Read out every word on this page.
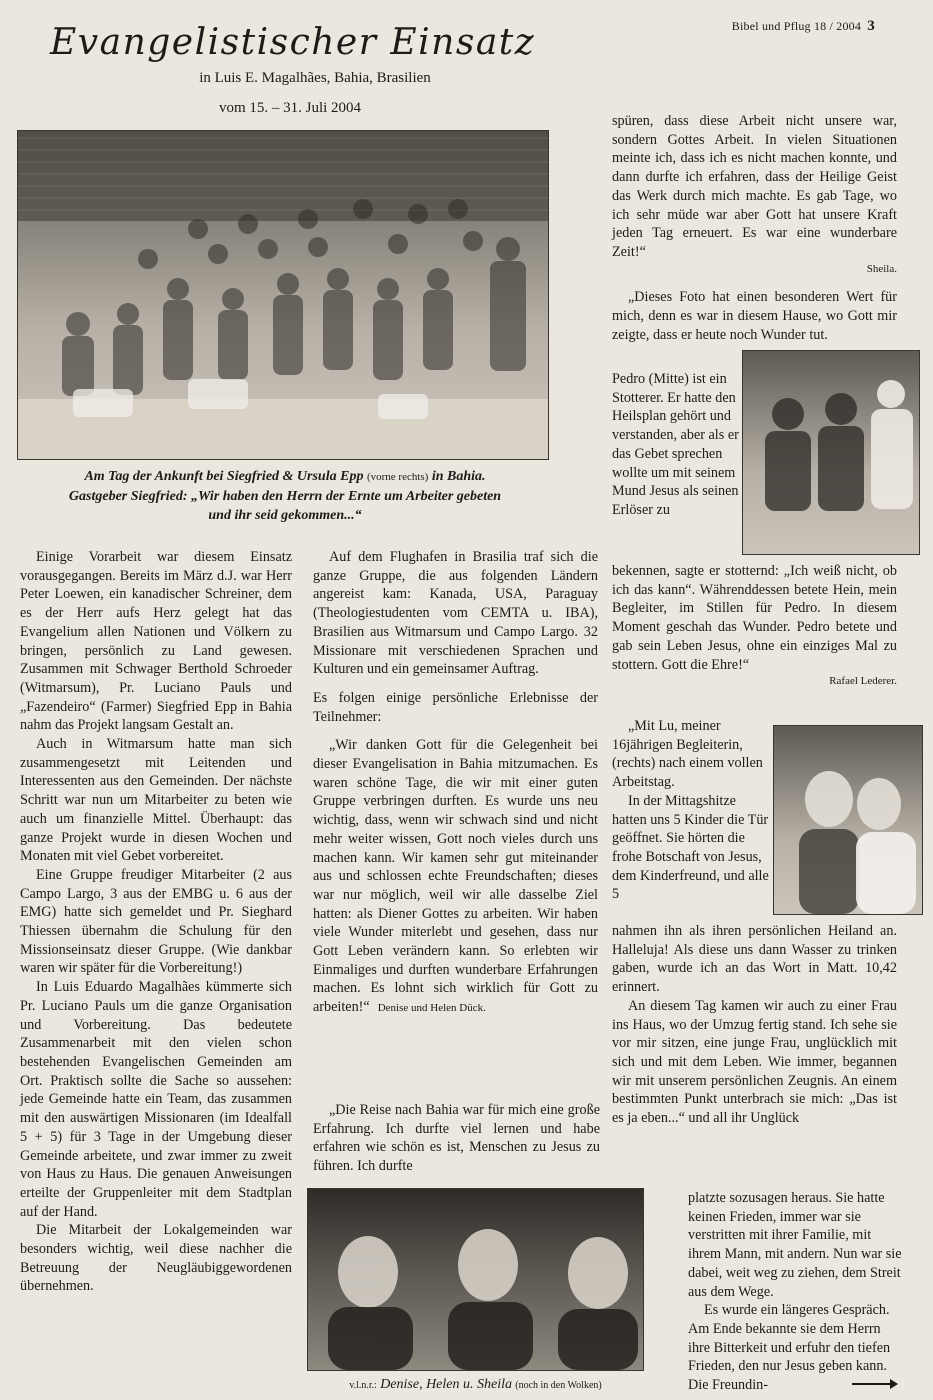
Bibel und Pflug 18 / 2004 3
Evangelistischer Einsatz
in Luis E. Magalhães, Bahia, Brasilien
vom 15. – 31. Juli 2004
Am Tag der Ankunft bei Siegfried & Ursula Epp (vorne rechts) in Bahia.
Gastgeber Siegfried: „Wir haben den Herrn der Ernte um Arbeiter gebeten
und ihr seid gekommen...“

Einige Vorarbeit war diesem Einsatz vorausgegangen. Bereits im März d.J. war Herr Peter Loewen, ein kanadischer Schreiner, dem es der Herr aufs Herz gelegt hat das Evangelium allen Nationen und Völkern zu bringen, persönlich zu Land gewesen. Zusammen mit Schwager Berthold Schroeder (Witmarsum), Pr. Luciano Pauls und „Fazendeiro“ (Farmer) Siegfried Epp in Bahia nahm das Projekt langsam Gestalt an.

Auch in Witmarsum hatte man sich zusammengesetzt mit Leitenden und Interessenten aus den Gemeinden. Der nächste Schritt war nun um Mitarbeiter zu beten wie auch um finanzielle Mittel. Überhaupt: das ganze Projekt wurde in diesen Wochen und Monaten mit viel Gebet vorbereitet.

Eine Gruppe freudiger Mitarbeiter (2 aus Campo Largo, 3 aus der EMBG u. 6 aus der EMG) hatte sich gemeldet und Pr. Sieghard Thiessen übernahm die Schulung für den Missionseinsatz dieser Gruppe. (Wie dankbar waren wir später für die Vorbereitung!)

In Luis Eduardo Magalhães kümmerte sich Pr. Luciano Pauls um die ganze Organisation und Vorbereitung. Das bedeutete Zusammenarbeit mit den vielen schon bestehenden Evangelischen Gemeinden am Ort. Praktisch sollte die Sache so aussehen: jede Gemeinde hatte ein Team, das zusammen mit den auswärtigen Missionaren (im Idealfall 5 + 5) für 3 Tage in der Umgebung dieser Gemeinde arbeitete, und zwar immer zu zweit von Haus zu Haus. Die genauen Anweisungen erteilte der Gruppenleiter mit dem Stadtplan auf der Hand.

Die Mitarbeit der Lokalgemeinden war besonders wichtig, weil diese nachher die Betreuung der Neugläubiggewordenen übernehmen.

Auf dem Flughafen in Brasilia traf sich die ganze Gruppe, die aus folgenden Ländern angereist kam: Kanada, USA, Paraguay (Theologiestudenten vom CEMTA u. IBA), Brasilien aus Witmarsum und Campo Largo. 32 Missionare mit verschiedenen Sprachen und Kulturen und ein gemeinsamer Auftrag.

Es folgen einige persönliche Erlebnisse der Teilnehmer:

„Wir danken Gott für die Gelegenheit bei dieser Evangelisation in Bahia mitzumachen. Es waren schöne Tage, die wir mit einer guten Gruppe verbringen durften. Es wurde uns neu wichtig, dass, wenn wir schwach sind und nicht mehr weiter wissen, Gott noch vieles durch uns machen kann. Wir kamen sehr gut miteinander aus und schlossen echte Freundschaften; dieses war nur möglich, weil wir alle dasselbe Ziel hatten: als Diener Gottes zu arbeiten. Wir haben viele Wunder miterlebt und gesehen, dass nur Gott Leben verändern kann. So erlebten wir Einmaliges und durften wunderbare Erfahrungen machen. Es lohnt sich wirklich für Gott zu arbeiten!“ Denise und Helen Dück.

„Die Reise nach Bahia war für mich eine große Erfahrung. Ich durfte viel lernen und habe erfahren wie schön es ist, Menschen zu Jesus zu führen. Ich durfte

v.l.n.r.: Denise, Helen u. Sheila (noch in den Wolken)

spüren, dass diese Arbeit nicht unsere war, sondern Gottes Arbeit. In vielen Situationen meinte ich, dass ich es nicht machen konnte, und dann durfte ich erfahren, dass der Heilige Geist das Werk durch mich machte. Es gab Tage, wo ich sehr müde war aber Gott hat unsere Kraft jeden Tag erneuert. Es war eine wunderbare Zeit!“

Sheila.

„Dieses Foto hat einen besonderen Wert für mich, denn es war in diesem Hause, wo Gott mir zeigte, dass er heute noch Wunder tut.

Pedro (Mitte) ist ein Stotterer. Er hatte den Heilsplan gehört und verstanden, aber als er das Gebet sprechen wollte um mit seinem Mund Jesus als seinen Erlöser zu

bekennen, sagte er stotternd: „Ich weiß nicht, ob ich das kann“. Währenddessen betete Hein, mein Begleiter, im Stillen für Pedro. In diesem Moment geschah das Wunder. Pedro betete und gab sein Leben Jesus, ohne ein einziges Mal zu stottern. Gott die Ehre!“

Rafael Lederer.

„Mit Lu, meiner 16jährigen Begleiterin, (rechts) nach einem vollen Arbeitstag.

In der Mittagshitze hatten uns 5 Kinder die Tür geöffnet. Sie hörten die frohe Botschaft von Jesus, dem Kinderfreund, und alle 5

nahmen ihn als ihren persönlichen Heiland an. Halleluja! Als diese uns dann Wasser zu trinken gaben, wurde ich an das Wort in Matt. 10,42 erinnert.

An diesem Tag kamen wir auch zu einer Frau ins Haus, wo der Umzug fertig stand. Ich sehe sie vor mir sitzen, eine junge Frau, unglücklich mit sich und mit dem Leben. Wie immer, begannen wir mit unserem persönlichen Zeugnis. An einem bestimmten Punkt unterbrach sie mich: „Das ist es ja eben...“ und all ihr Unglück

platzte sozusagen heraus. Sie hatte keinen Frieden, immer war sie verstritten mit ihrer Familie, mit ihrem Mann, mit andern. Nun war sie dabei, weit weg zu ziehen, dem Streit aus dem Wege.

Es wurde ein längeres Gespräch. Am Ende bekannte sie dem Herrn ihre Bitterkeit und erfuhr den tiefen Frieden, den nur Jesus geben kann. Die Freundin-
